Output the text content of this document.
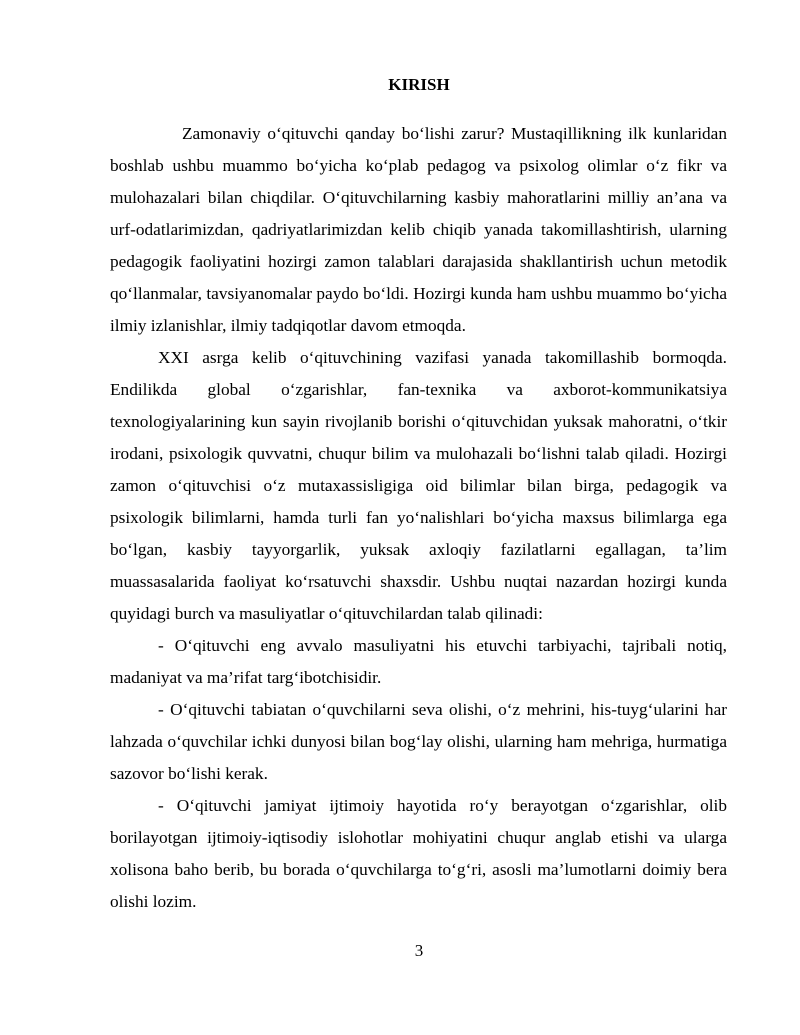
KIRISH

Zamonaviy o‘qituvchi qanday bo‘lishi zarur? Mustaqillikning ilk kunlaridan boshlab ushbu muammo bo‘yicha ko‘plab pedagog va psixolog olimlar o‘z fikr va mulohazalari bilan chiqdilar. O‘qituvchilarning kasbiy mahoratlarini milliy an’ana va urf-odatlarimizdan, qadriyatlarimizdan kelib chiqib yanada takomillashtirish, ularning pedagogik faoliyatini hozirgi zamon talablari darajasida shakllantirish uchun metodik qo‘llanmalar, tavsiyanomalar paydo bo‘ldi. Hozirgi kunda ham ushbu muammo bo‘yicha ilmiy izlanishlar, ilmiy tadqiqotlar davom etmoqda.

XXI asrga kelib o‘qituvchining vazifasi yanada takomillashib bormoqda. Endilikda global o‘zgarishlar, fan-texnika va axborot-kommunikatsiya texnologiyalarining kun sayin rivojlanib borishi o‘qituvchidan yuksak mahoratni, o‘tkir irodani, psixologik quvvatni, chuqur bilim va mulohazali bo‘lishni talab qiladi. Hozirgi zamon o‘qituvchisi o‘z mutaxassisligiga oid bilimlar bilan birga, pedagogik va psixologik bilimlarni, hamda turli fan yo‘nalishlari bo‘yicha maxsus bilimlarga ega bo‘lgan, kasbiy tayyorgarlik, yuksak axloqiy fazilatlarni egallagan, ta’lim muassasalarida faoliyat ko‘rsatuvchi shaxsdir. Ushbu nuqtai nazardan hozirgi kunda quyidagi burch va masuliyatlar o‘qituvchilardan talab qilinadi:

- O‘qituvchi eng avvalo masuliyatni his etuvchi tarbiyachi, tajribali notiq, madaniyat va ma’rifat targ‘ibotchisidir.

- O‘qituvchi tabiatan o‘quvchilarni seva olishi, o‘z mehrini, his-tuyg‘ularini har lahzada o‘quvchilar ichki dunyosi bilan bog‘lay olishi, ularning ham mehriga, hurmatiga sazovor bo‘lishi kerak.

- O‘qituvchi jamiyat ijtimoiy hayotida ro‘y berayotgan o‘zgarishlar, olib borilayotgan ijtimoiy-iqtisodiy islohotlar mohiyatini chuqur anglab etishi va ularga xolisona baho berib, bu borada o‘quvchilarga to‘g‘ri, asosli ma’lumotlarni doimiy bera olishi lozim.

3
